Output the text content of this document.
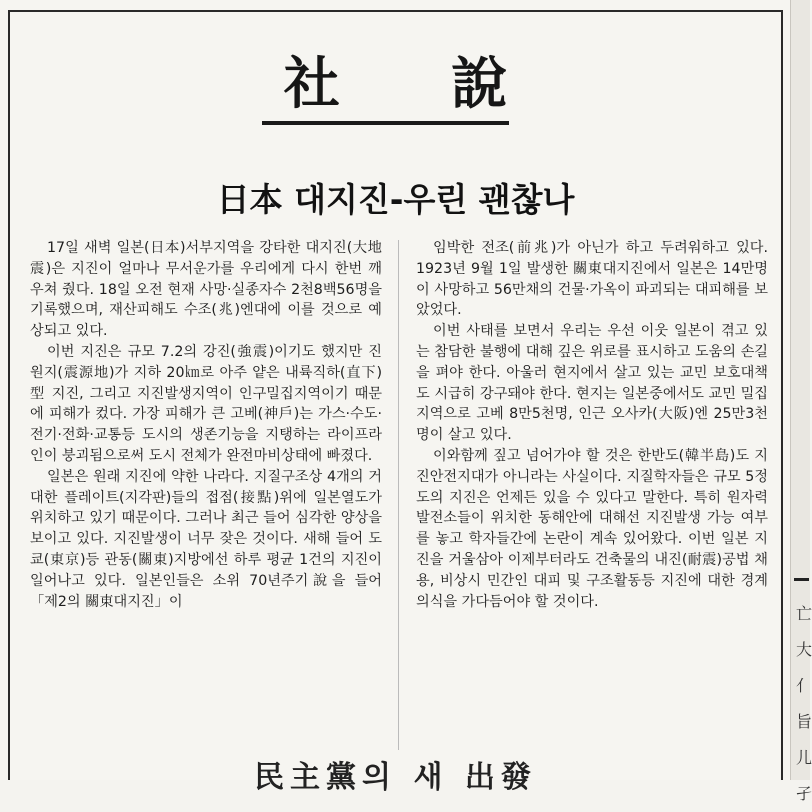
社 說
日本 대지진-우린 괜찮나

17일 새벽 일본(日本)서부지역을 강타한 대지진(大地震)은 지진이 얼마나 무서운가를 우리에게 다시 한번 깨우쳐 줬다. 18일 오전 현재 사망·실종자수 2천8백56명을 기록했으며, 재산피해도 수조(兆)엔대에 이를 것으로 예상되고 있다.

이번 지진은 규모 7.2의 강진(強震)이기도 했지만 진원지(震源地)가 지하 20㎞로 아주 얕은 내륙직하(直下)型 지진, 그리고 지진발생지역이 인구밀집지역이기 때문에 피해가 컸다. 가장 피해가 큰 고베(神戶)는 가스·수도·전기·전화·교통등 도시의 생존기능을 지탱하는 라이프라인이 붕괴됨으로써 도시 전체가 완전마비상태에 빠졌다.

일본은 원래 지진에 약한 나라다. 지질구조상 4개의 거대한 플레이트(지각판)들의 접점(接點)위에 일본열도가 위치하고 있기 때문이다. 그러나 최근 들어 심각한 양상을 보이고 있다. 지진발생이 너무 잦은 것이다. 새해 들어 도쿄(東京)등 관동(關東)지방에선 하루 평균 1건의 지진이 일어나고 있다. 일본인들은 소위 70년주기說을 들어 「제2의 關東대지진」이

임박한 전조(前兆)가 아닌가 하고 두려워하고 있다. 1923년 9월 1일 발생한 關東대지진에서 일본은 14만명이 사망하고 56만채의 건물·가옥이 파괴되는 대피해를 보았었다.

이번 사태를 보면서 우리는 우선 이웃 일본이 겪고 있는 참담한 불행에 대해 깊은 위로를 표시하고 도움의 손길을 펴야 한다. 아울러 현지에서 살고 있는 교민 보호대책도 시급히 강구돼야 한다. 현지는 일본중에서도 교민 밀집지역으로 고베 8만5천명, 인근 오사카(大阪)엔 25만3천명이 살고 있다.

이와함께 짚고 넘어가야 할 것은 한반도(韓半島)도 지진안전지대가 아니라는 사실이다. 지질학자들은 규모 5정도의 지진은 언제든 있을 수 있다고 말한다. 특히 원자력발전소들이 위치한 동해안에 대해선 지진발생 가능 여부를 놓고 학자들간에 논란이 계속 있어왔다. 이번 일본 지진을 거울삼아 이제부터라도 건축물의 내진(耐震)공법 채용, 비상시 민간인 대피 및 구조활동등 지진에 대한 경계의식을 가다듬어야 할 것이다.

民主黨의 새 出發
亡
大
亻
旨
儿
孑
